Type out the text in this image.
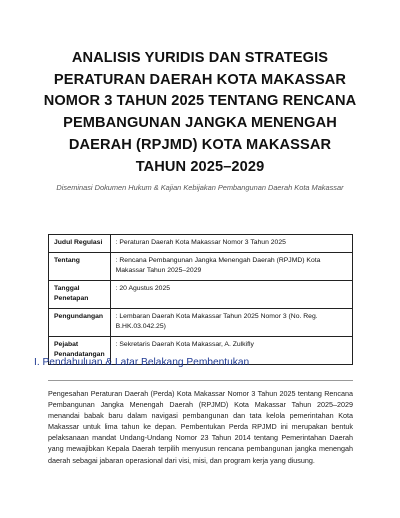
ANALISIS YURIDIS DAN STRATEGIS
PERATURAN DAERAH KOTA MAKASSAR
NOMOR 3 TAHUN 2025 TENTANG RENCANA
PEMBANGUNAN JANGKA MENENGAH
DAERAH (RPJMD) KOTA MAKASSAR
TAHUN 2025–2029
Diseminasi Dokumen Hukum & Kajian Kebijakan Pembangunan Daerah Kota Makassar
Judul Regulasi	: Peraturan Daerah Kota Makassar Nomor 3 Tahun 2025
Tentang	: Rencana Pembangunan Jangka Menengah Daerah (RPJMD) Kota Makassar Tahun 2025–2029
Tanggal Penetapan	: 20 Agustus 2025
Pengundangan	: Lembaran Daerah Kota Makassar Tahun 2025 Nomor 3 (No. Reg. B.HK.03.042.25)
Pejabat Penandatangan	: Sekretaris Daerah Kota Makassar, A. Zulkifly
I. Pendahuluan & Latar Belakang Pembentukan
Pengesahan Peraturan Daerah (Perda) Kota Makassar Nomor 3 Tahun 2025 tentang Rencana Pembangunan Jangka Menengah Daerah (RPJMD) Kota Makassar Tahun 2025–2029 menandai babak baru dalam navigasi pembangunan dan tata kelola pemerintahan Kota Makassar untuk lima tahun ke depan. Pembentukan Perda RPJMD ini merupakan bentuk pelaksanaan mandat Undang-Undang Nomor 23 Tahun 2014 tentang Pemerintahan Daerah yang mewajibkan Kepala Daerah terpilih menyusun rencana pembangunan jangka menengah daerah sebagai jabaran operasional dari visi, misi, dan program kerja yang diusung.
